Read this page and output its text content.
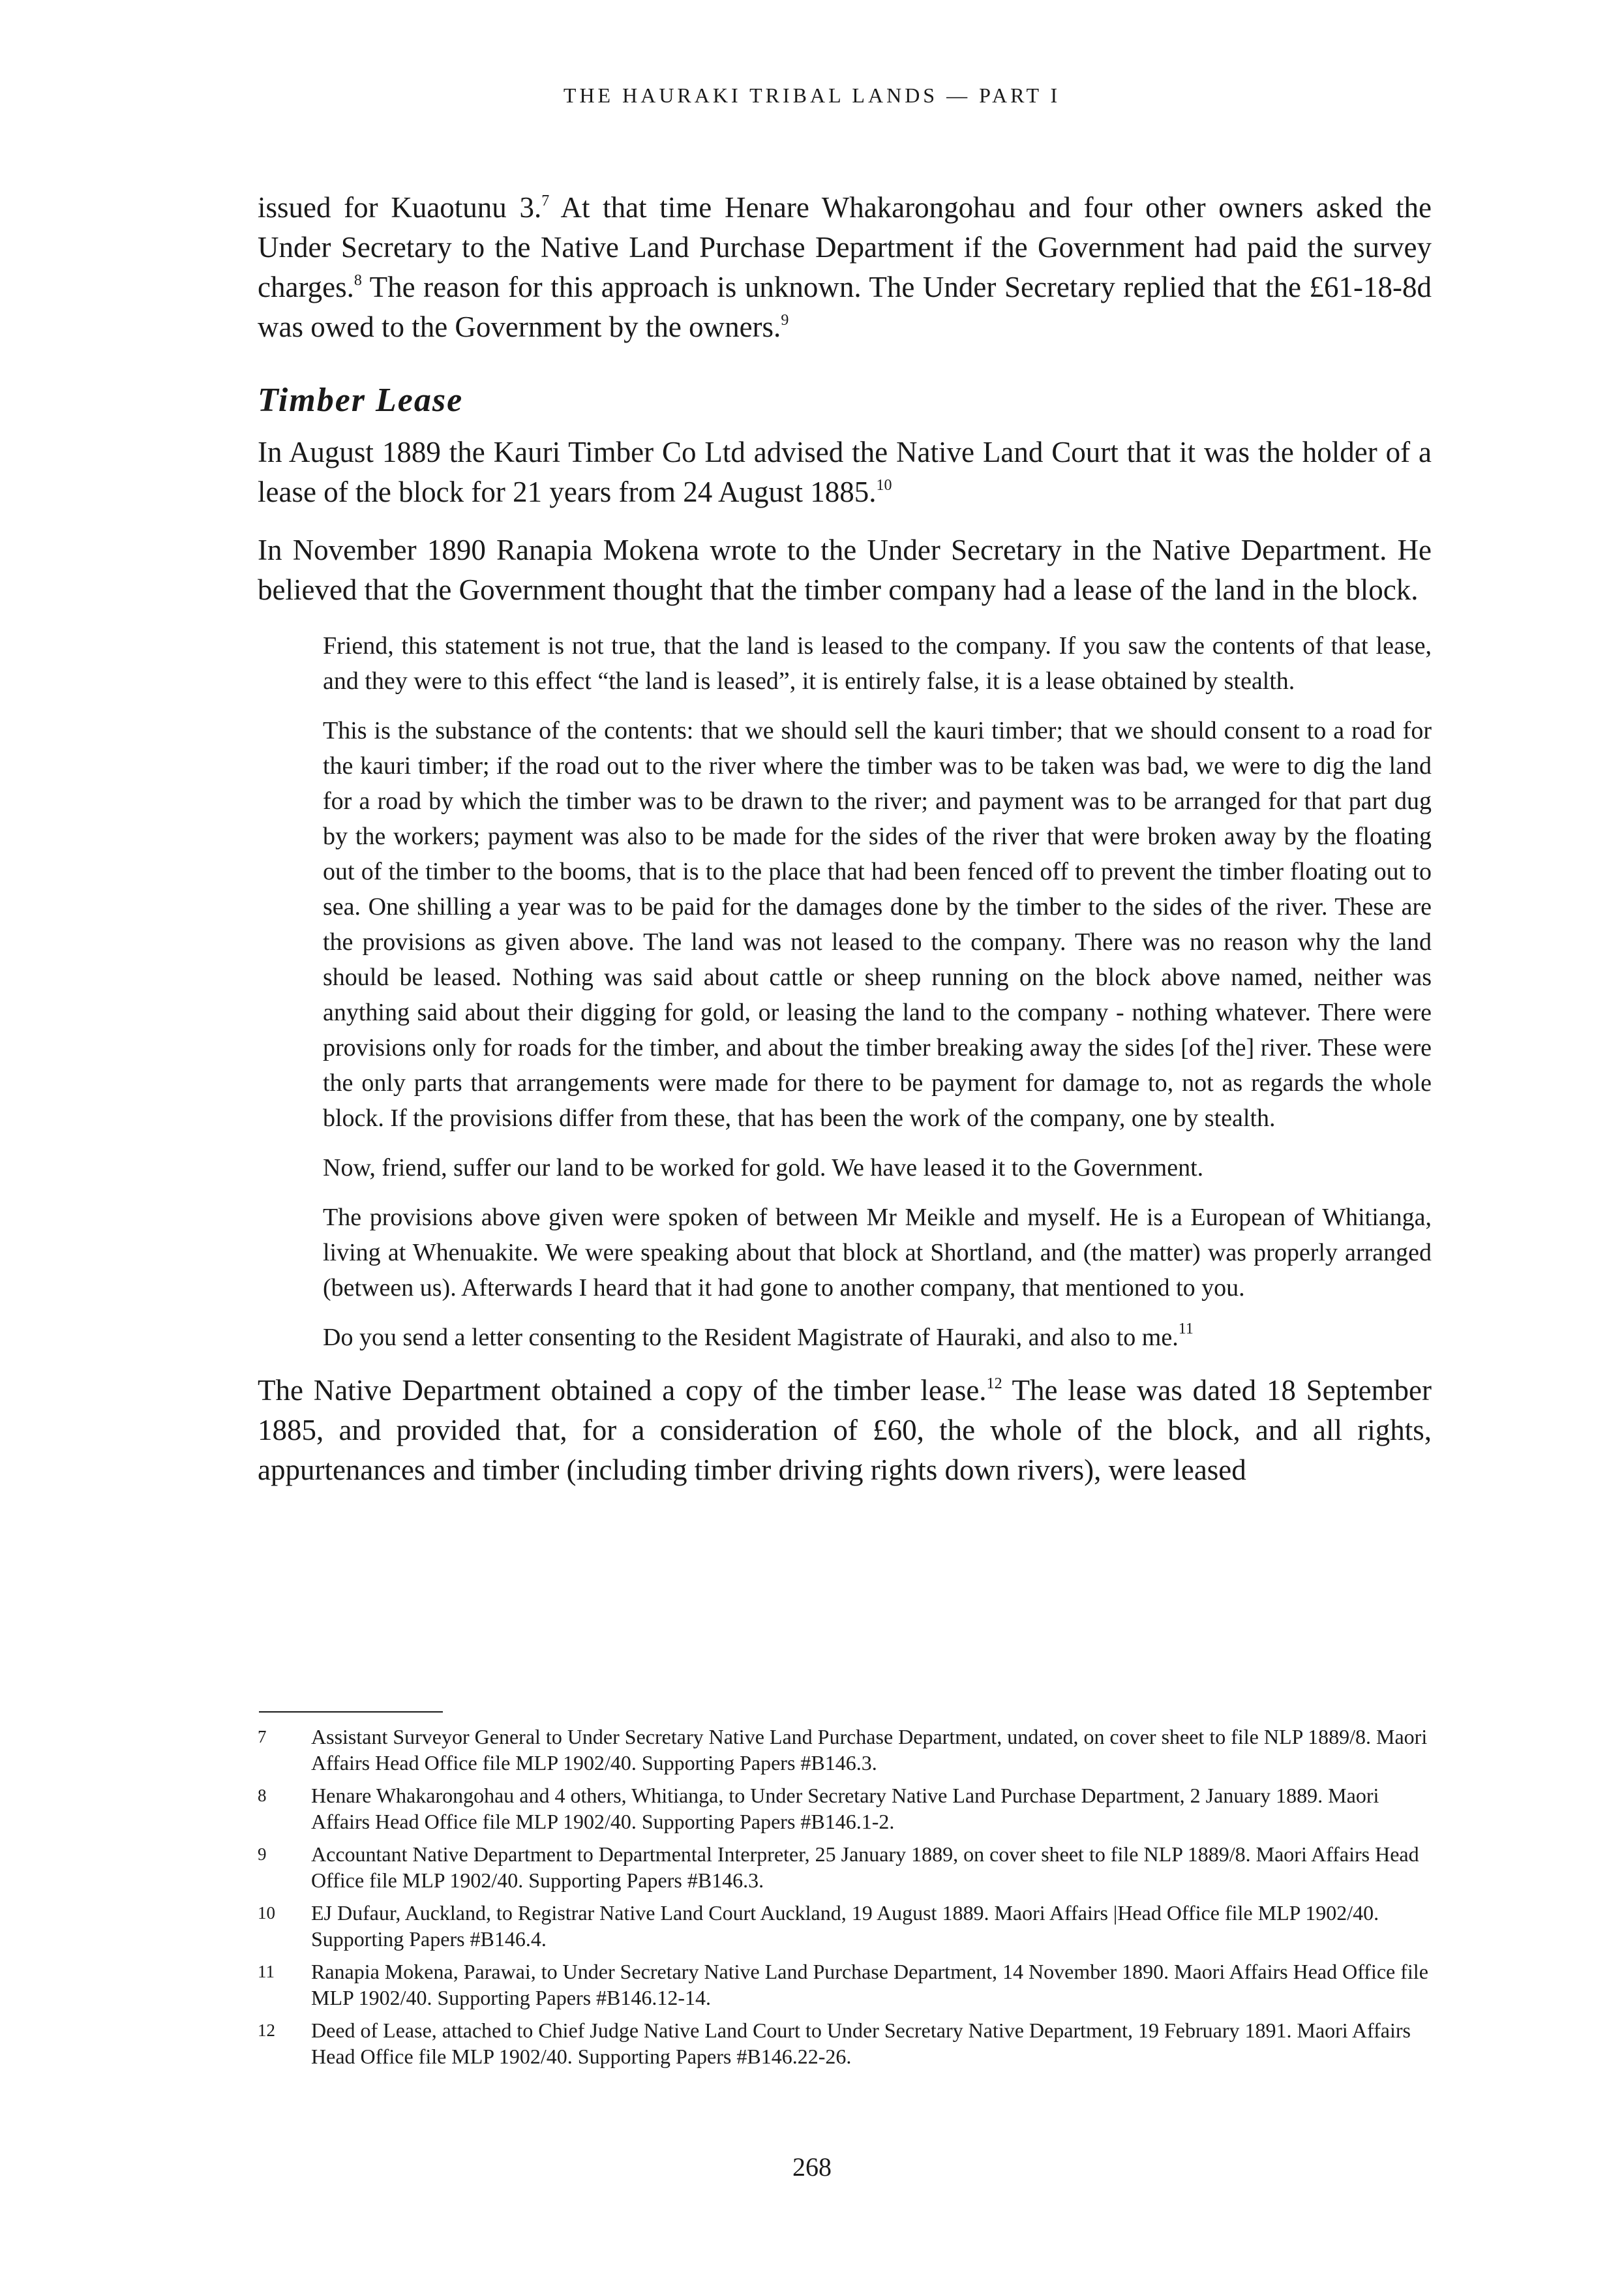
THE HAURAKI TRIBAL LANDS — PART I

issued for Kuaotunu 3.$^7$ At that time Henare Whakarongohau and four other owners asked the Under Secretary to the Native Land Purchase Department if the Government had paid the survey charges.$^8$ The reason for this approach is unknown. The Under Secretary replied that the £61-18-8d was owed to the Government by the owners.$^9$

Timber Lease

In August 1889 the Kauri Timber Co Ltd advised the Native Land Court that it was the holder of a lease of the block for 21 years from 24 August 1885.10

In November 1890 Ranapia Mokena wrote to the Under Secretary in the Native Department. He believed that the Government thought that the timber company had a lease of the land in the block.

Friend, this statement is not true, that the land is leased to the company. If you saw the contents of that lease, and they were to this effect “the land is leased”, it is entirely false, it is a lease obtained by stealth.

This is the substance of the contents: that we should sell the kauri timber; that we should consent to a road for the kauri timber; if the road out to the river where the timber was to be taken was bad, we were to dig the land for a road by which the timber was to be drawn to the river; and payment was to be arranged for that part dug by the workers; payment was also to be made for the sides of the river that were broken away by the floating out of the timber to the booms, that is to the place that had been fenced off to prevent the timber floating out to sea. One shilling a year was to be paid for the damages done by the timber to the sides of the river. These are the provisions as given above. The land was not leased to the company. There was no reason why the land should be leased. Nothing was said about cattle or sheep running on the block above named, neither was anything said about their digging for gold, or leasing the land to the company - nothing whatever. There were provisions only for roads for the timber, and about the timber breaking away the sides [of the] river. These were the only parts that arrangements were made for there to be payment for damage to, not as regards the whole block. If the provisions differ from these, that has been the work of the company, one by stealth.

Now, friend, suffer our land to be worked for gold. We have leased it to the Government.

The provisions above given were spoken of between Mr Meikle and myself. He is a European of Whitianga, living at Whenuakite. We were speaking about that block at Shortland, and (the matter) was properly arranged (between us). Afterwards I heard that it had gone to another company, that mentioned to you.

Do you send a letter consenting to the Resident Magistrate of Hauraki, and also to me.$^{11}$

The Native Department obtained a copy of the timber lease.$^{12}$ The lease was dated 18 September 1885, and provided that, for a consideration of £60, the whole of the block, and all rights, appurtenances and timber (including timber driving rights down rivers), were leased

7	Assistant Surveyor General to Under Secretary Native Land Purchase Department, undated, on cover sheet to file NLP 1889/8. Maori Affairs Head Office file MLP 1902/40. Supporting Papers #B146.3.
8	Henare Whakarongohau and 4 others, Whitianga, to Under Secretary Native Land Purchase Department, 2 January 1889. Maori Affairs Head Office file MLP 1902/40. Supporting Papers #B146.1-2.
9	Accountant Native Department to Departmental Interpreter, 25 January 1889, on cover sheet to file NLP 1889/8. Maori Affairs Head Office file MLP 1902/40. Supporting Papers #B146.3.
10	EJ Dufaur, Auckland, to Registrar Native Land Court Auckland, 19 August 1889. Maori Affairs |Head Office file MLP 1902/40. Supporting Papers #B146.4.
11	Ranapia Mokena, Parawai, to Under Secretary Native Land Purchase Department, 14 November 1890. Maori Affairs Head Office file MLP 1902/40. Supporting Papers #B146.12-14.
12	Deed of Lease, attached to Chief Judge Native Land Court to Under Secretary Native Department, 19 February 1891. Maori Affairs Head Office file MLP 1902/40. Supporting Papers #B146.22-26.
268
